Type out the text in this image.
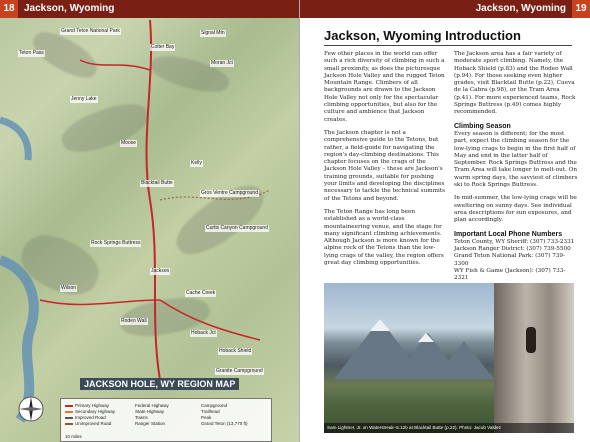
Teton Pass
Grand Teton National Park	Signal Mtn
Moran Jct
Colter Bay
Jenny Lake
Moose
Kelly
Wilson
Jackson
Hoback Jct
Hoback Shield
Rock Springs Buttress
Blacktail Butte
Gros Ventre Campground
Curtis Canyon Campground
Granite Campground
Cache Creek
Rodeo Wall
JACKSON HOLE, WY REGION MAP
Primary Highway
Secondary Highway
Improved Road
Unimproved Road
Federal Highway
State Highway
Towns
Ranger Station
Campground
Trailhead
Peak
Grand Teton (13,770 ft)
10 miles
18 Jackson, Wyoming
Jackson, Wyoming Introduction

Few other places in the world can offer such a rich diversity of climbing in such a small proximity, as does the picturesque Jackson Hole Valley and the rugged Teton Mountain Range. Climbers of all backgrounds are drawn to the Jackson Hole Valley not only for the spectacular climbing opportunities, but also for the culture and ambience that Jackson creates.

The Jackson chapter is not a comprehensive guide to the Tetons, but rather, a field-guide for navigating the region's day-climbing destinations. This chapter focuses on the crags of the Jackson Hole Valley – these are Jackson's training grounds, suitable for pushing your limits and developing the disciplines necessary to tackle the technical summits of the Tetons and beyond.

The Teton Range has long been established as a world-class mountaineering venue, and the stage for many significant climbing achievements. Although Jackson is more known for the alpine rock of the Tetons than the low-lying crags of the valley, the region offers great day climbing opportunities.

The Jackson area has a fair variety of moderate sport climbing. Namely, the Hoback Shield (p.83) and the Rodeo Wall (p.94). For those seeking even higher grades, visit Blacktail Butte (p.22), Cueva de la Cabra (p.98), or the Tram Area (p.41). For more experienced teams, Rock Springs Buttress (p.49) comes highly recommended.

Climbing Season

Every season is different; for the most part, expect the climbing season for the low-lying crags to begin in the first half of May and end in the latter half of September. Rock Springs Buttress and the Tram Area will take longer to melt-out. On warm spring days, the savviest of climbers ski to Rock Springs Buttress.

In mid-summer, the low-lying crags will be sweltering on sunny days. See individual area descriptions for sun exposures, and plan accordingly.

Important Local Phone Numbers
Teton County, WY Sheriff: (307) 733-2331
Jackson Ranger District: (307) 739-5500
Grand Teton National Park: (307) 739-3300
WY Fish & Game (Jackson): (307) 733-2321
Sam Lightner, Jr. on Waterstreak–5.12b at Blacktail Butte (p.22). Photo: Jacob Valdez
Jackson, Wyoming 19
